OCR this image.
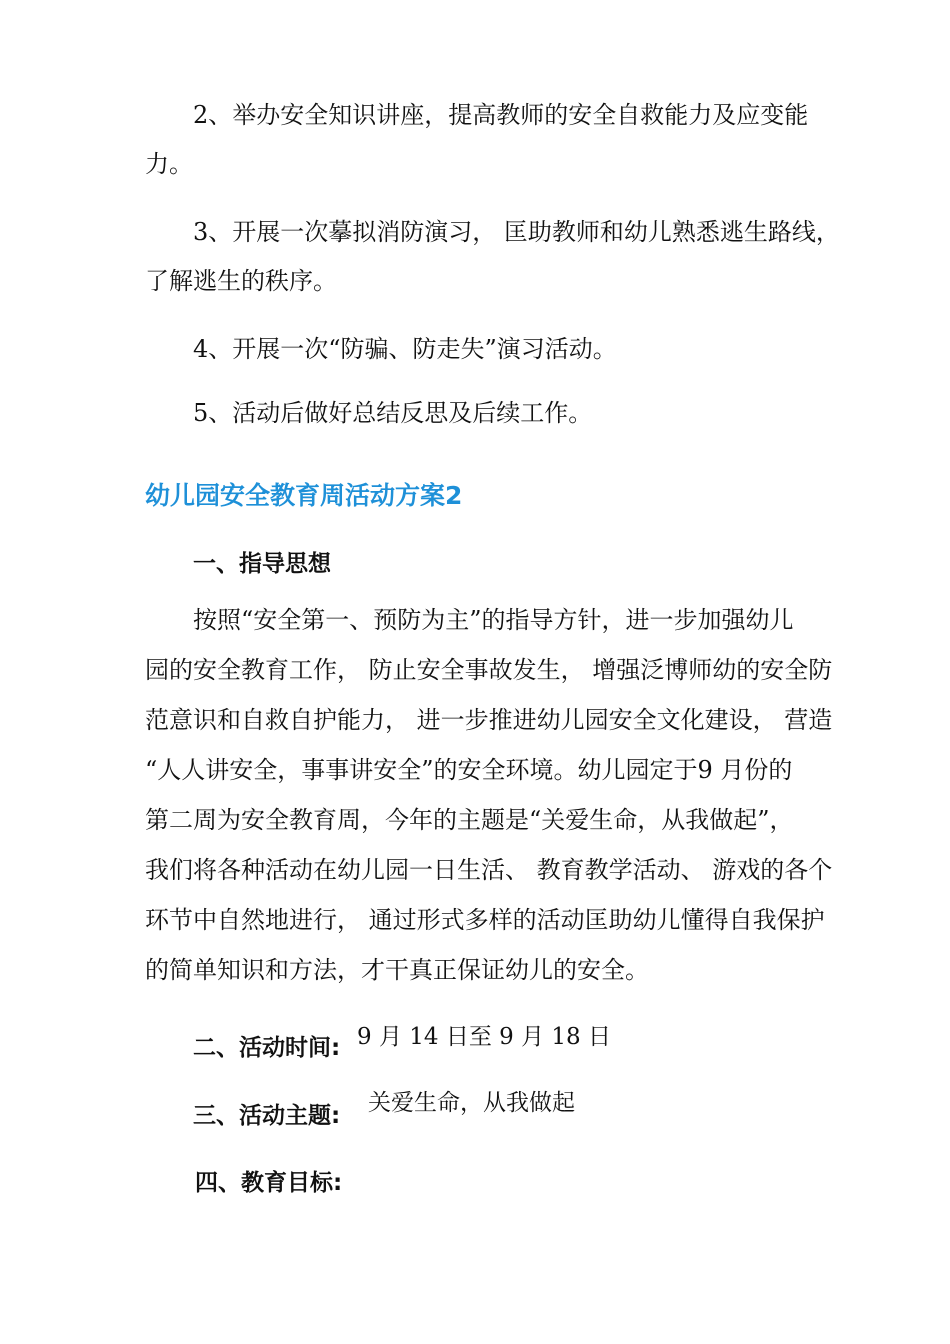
2、举办安全知识讲座，提高教师的安全自救能力及应变能
力。
3、开展一次摹拟消防演习， 匡助教师和幼儿熟悉逃生路线，
了解逃生的秩序。
4、开展一次“防骗、防走失”演习活动。
5、活动后做好总结反思及后续工作。
幼儿园安全教育周活动方案2
一、指导思想
按照“安全第一、预防为主”的指导方针，进一步加强幼儿
园的安全教育工作， 防止安全事故发生， 增强泛博师幼的安全防
范意识和自救自护能力， 进一步推进幼儿园安全文化建设， 营造
“人人讲安全，事事讲安全”的安全环境。幼儿园定于9 月份的
第二周为安全教育周，今年的主题是“关爱生命，从我做起”，
我们将各种活动在幼儿园一日生活、 教育教学活动、 游戏的各个
环节中自然地进行， 通过形式多样的活动匡助幼儿懂得自我保护
的简单知识和方法，才干真正保证幼儿的安全。
二、活动时间: 9 月 14 日至 9 月 18 日
三、活动主题: 关爱生命，从我做起
四、教育目标:
